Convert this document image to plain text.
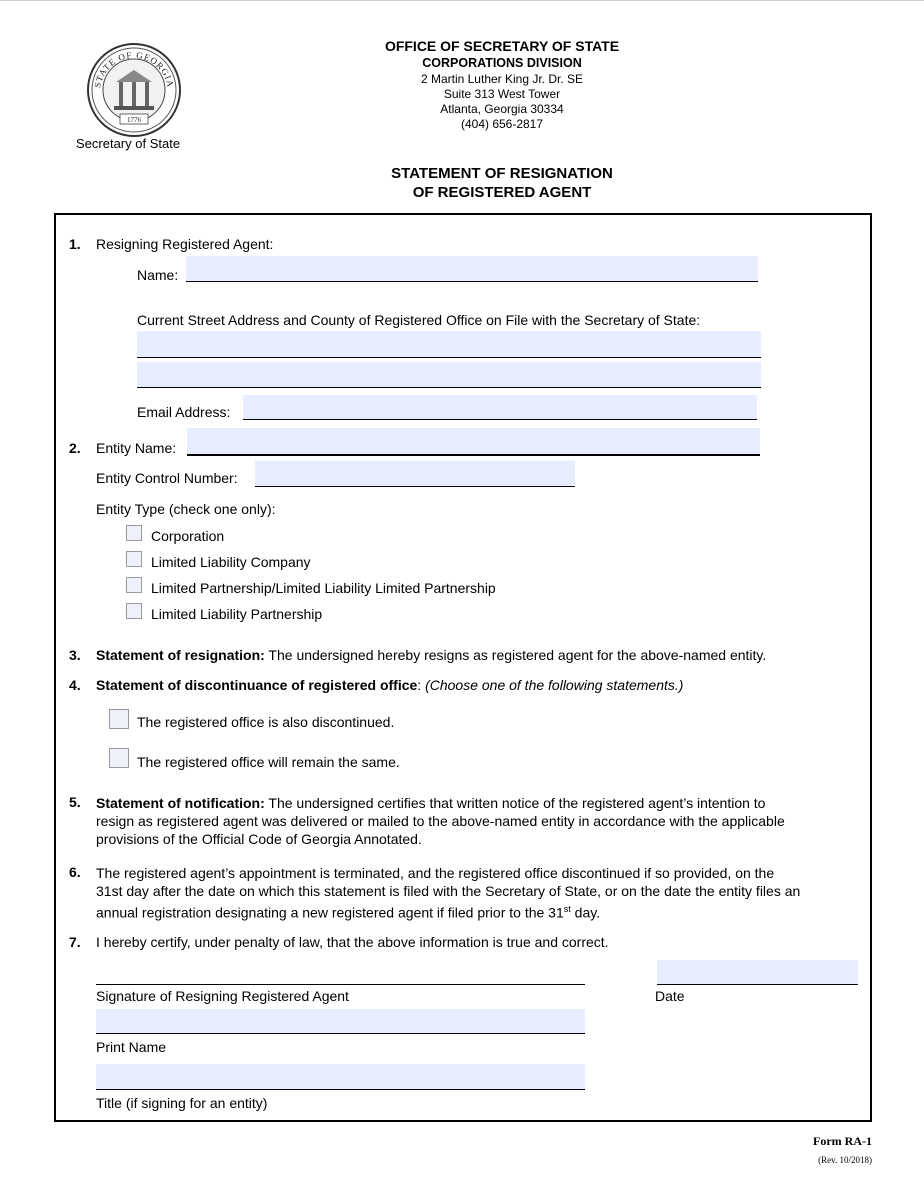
STATE OF GEORGIA
1776
Secretary of State
OFFICE OF SECRETARY OF STATE
CORPORATIONS DIVISION
2 Martin Luther King Jr. Dr. SE
Suite 313 West Tower
Atlanta, Georgia 30334
(404) 656-2817
STATEMENT OF RESIGNATION
OF REGISTERED AGENT
1. Resigning Registered Agent:
Name:
Current Street Address and County of Registered Office on File with the Secretary of State:
Email Address:
2. Entity Name:
Entity Control Number:
Entity Type (check one only):
Corporation
Limited Liability Company
Limited Partnership/Limited Liability Limited Partnership
Limited Liability Partnership
3. Statement of resignation: The undersigned hereby resigns as registered agent for the above-named entity.
4. Statement of discontinuance of registered office: (Choose one of the following statements.)
The registered office is also discontinued.
The registered office will remain the same.
5. Statement of notification: The undersigned certifies that written notice of the registered agent’s intention to
resign as registered agent was delivered or mailed to the above-named entity in accordance with the applicable
provisions of the Official Code of Georgia Annotated.
6. The registered agent’s appointment is terminated, and the registered office discontinued if so provided, on the
31st day after the date on which this statement is filed with the Secretary of State, or on the date the entity files an
annual registration designating a new registered agent if filed prior to the 31st day.
7. I hereby certify, under penalty of law, that the above information is true and correct.
Signature of Resigning Registered Agent	Date
Print Name
Title (if signing for an entity)
Form RA-1
(Rev. 10/2018)
